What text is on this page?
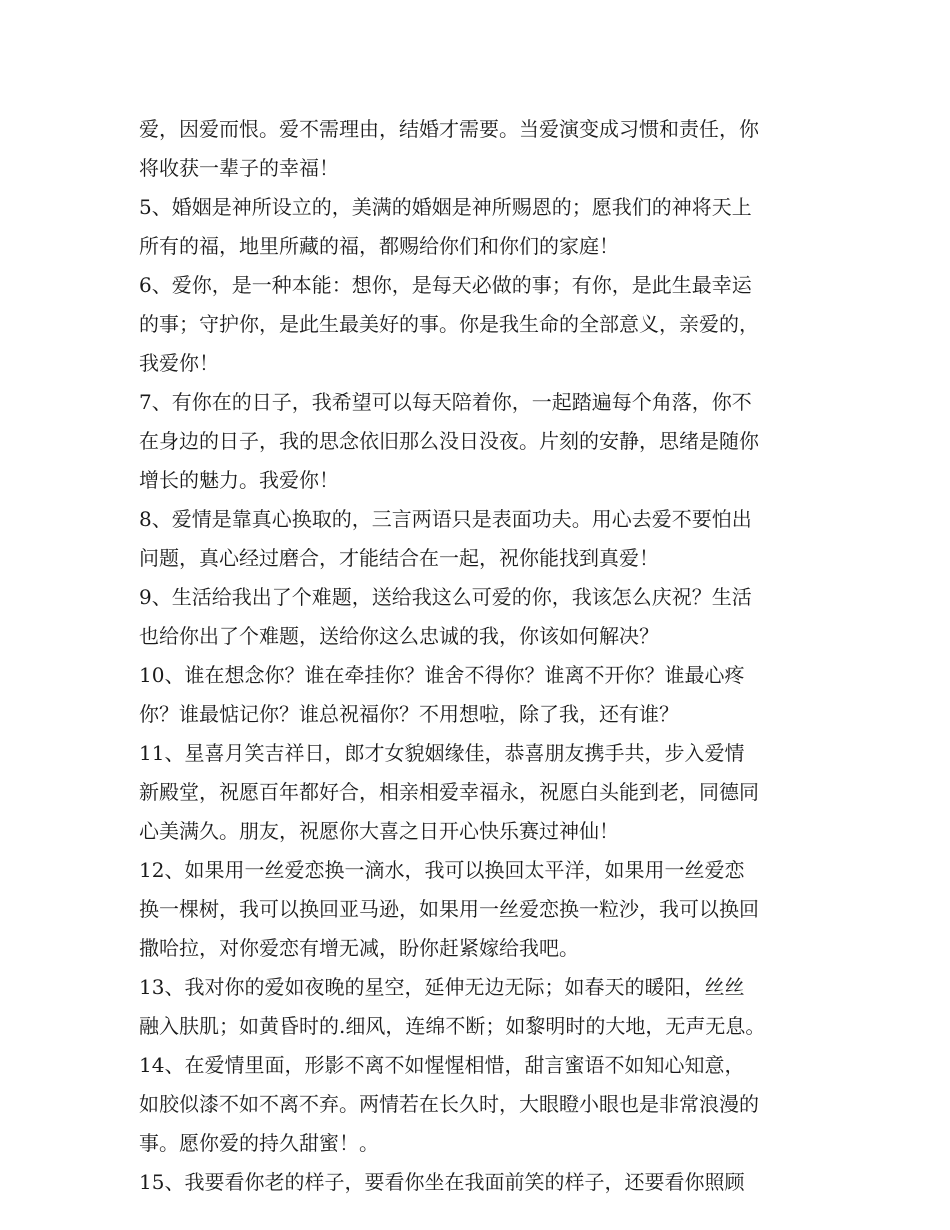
爱，因爱而恨。爱不需理由，结婚才需要。当爱演变成习惯和责任，你
将收获一辈子的幸福！
5、婚姻是神所设立的，美满的婚姻是神所赐恩的；愿我们的神将天上
所有的福，地里所藏的福，都赐给你们和你们的家庭！
6、爱你，是一种本能：想你，是每天必做的事；有你，是此生最幸运
的事；守护你，是此生最美好的事。你是我生命的全部意义，亲爱的，
我爱你！
7、有你在的日子，我希望可以每天陪着你，一起踏遍每个角落，你不
在身边的日子，我的思念依旧那么没日没夜。片刻的安静，思绪是随你
增长的魅力。我爱你！
8、爱情是靠真心换取的，三言两语只是表面功夫。用心去爱不要怕出
问题，真心经过磨合，才能结合在一起，祝你能找到真爱！
9、生活给我出了个难题，送给我这么可爱的你，我该怎么庆祝？生活
也给你出了个难题，送给你这么忠诚的我，你该如何解决？
10、谁在想念你？谁在牵挂你？谁舍不得你？谁离不开你？谁最心疼
你？谁最惦记你？谁总祝福你？不用想啦，除了我，还有谁？
11、星喜月笑吉祥日，郎才女貌姻缘佳，恭喜朋友携手共，步入爱情
新殿堂，祝愿百年都好合，相亲相爱幸福永，祝愿白头能到老，同德同
心美满久。朋友，祝愿你大喜之日开心快乐赛过神仙！
12、如果用一丝爱恋换一滴水，我可以换回太平洋，如果用一丝爱恋
换一棵树，我可以换回亚马逊，如果用一丝爱恋换一粒沙，我可以换回
撒哈拉，对你爱恋有增无减，盼你赶紧嫁给我吧。
13、我对你的爱如夜晚的星空，延伸无边无际；如春天的暖阳，丝丝
融入肤肌；如黄昏时的.细风，连绵不断；如黎明时的大地，无声无息。
14、在爱情里面，形影不离不如惺惺相惜，甜言蜜语不如知心知意，
如胶似漆不如不离不弃。两情若在长久时，大眼瞪小眼也是非常浪漫的
事。愿你爱的持久甜蜜！。
15、我要看你老的样子，要看你坐在我面前笑的样子，还要看你照顾
